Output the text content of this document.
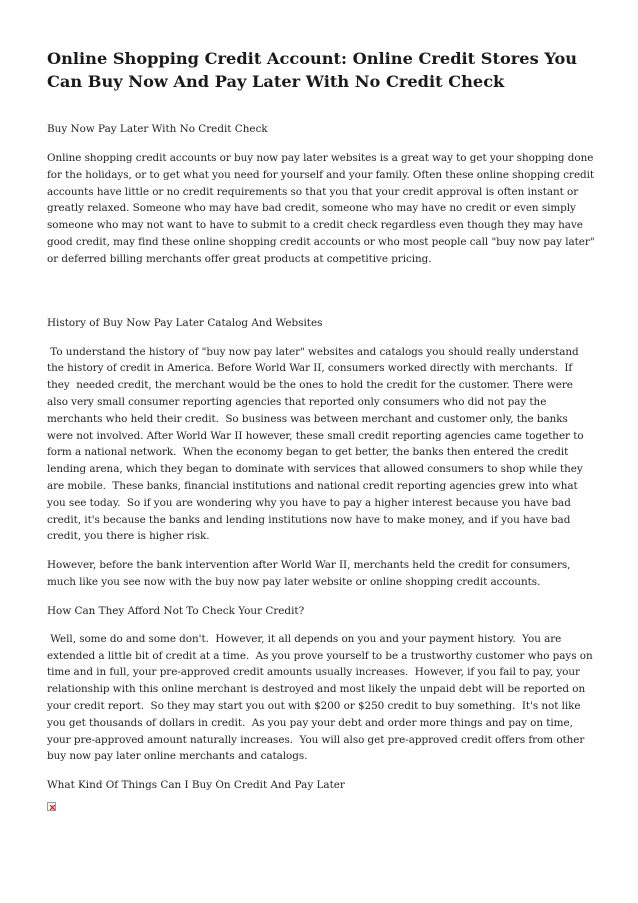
Online Shopping Credit Account: Online Credit Stores You Can Buy Now And Pay Later With No Credit Check

Buy Now Pay Later With No Credit Check

Online shopping credit accounts or buy now pay later websites is a great way to get your shopping done for the holidays, or to get what you need for yourself and your family. Often these online shopping credit accounts have little or no credit requirements so that you that your credit approval is often instant or greatly relaxed. Someone who may have bad credit, someone who may have no credit or even simply someone who may not want to have to submit to a credit check regardless even though they may have good credit, may find these online shopping credit accounts or who most people call "buy now pay later" or deferred billing merchants offer great products at competitive pricing.

History of Buy Now Pay Later Catalog And Websites

To understand the history of "buy now pay later" websites and catalogs you should really understand the history of credit in America. Before World War II, consumers worked directly with merchants.  If they  needed credit, the merchant would be the ones to hold the credit for the customer. There were also very small consumer reporting agencies that reported only consumers who did not pay the merchants who held their credit.  So business was between merchant and customer only, the banks were not involved. After World War II however, these small credit reporting agencies came together to form a national network.  When the economy began to get better, the banks then entered the credit lending arena, which they began to dominate with services that allowed consumers to shop while they are mobile.  These banks, financial institutions and national credit reporting agencies grew into what you see today.  So if you are wondering why you have to pay a higher interest because you have bad credit, it's because the banks and lending institutions now have to make money, and if you have bad credit, you there is higher risk.

However, before the bank intervention after World War II, merchants held the credit for consumers, much like you see now with the buy now pay later website or online shopping credit accounts.

How Can They Afford Not To Check Your Credit?

Well, some do and some don't.  However, it all depends on you and your payment history.  You are extended a little bit of credit at a time.  As you prove yourself to be a trustworthy customer who pays on time and in full, your pre-approved credit amounts usually increases.  However, if you fail to pay, your relationship with this online merchant is destroyed and most likely the unpaid debt will be reported on your credit report.  So they may start you out with $200 or $250 credit to buy something.  It's not like you get thousands of dollars in credit.  As you pay your debt and order more things and pay on time, your pre-approved amount naturally increases.  You will also get pre-approved credit offers from other buy now pay later online merchants and catalogs.

What Kind Of Things Can I Buy On Credit And Pay Later
